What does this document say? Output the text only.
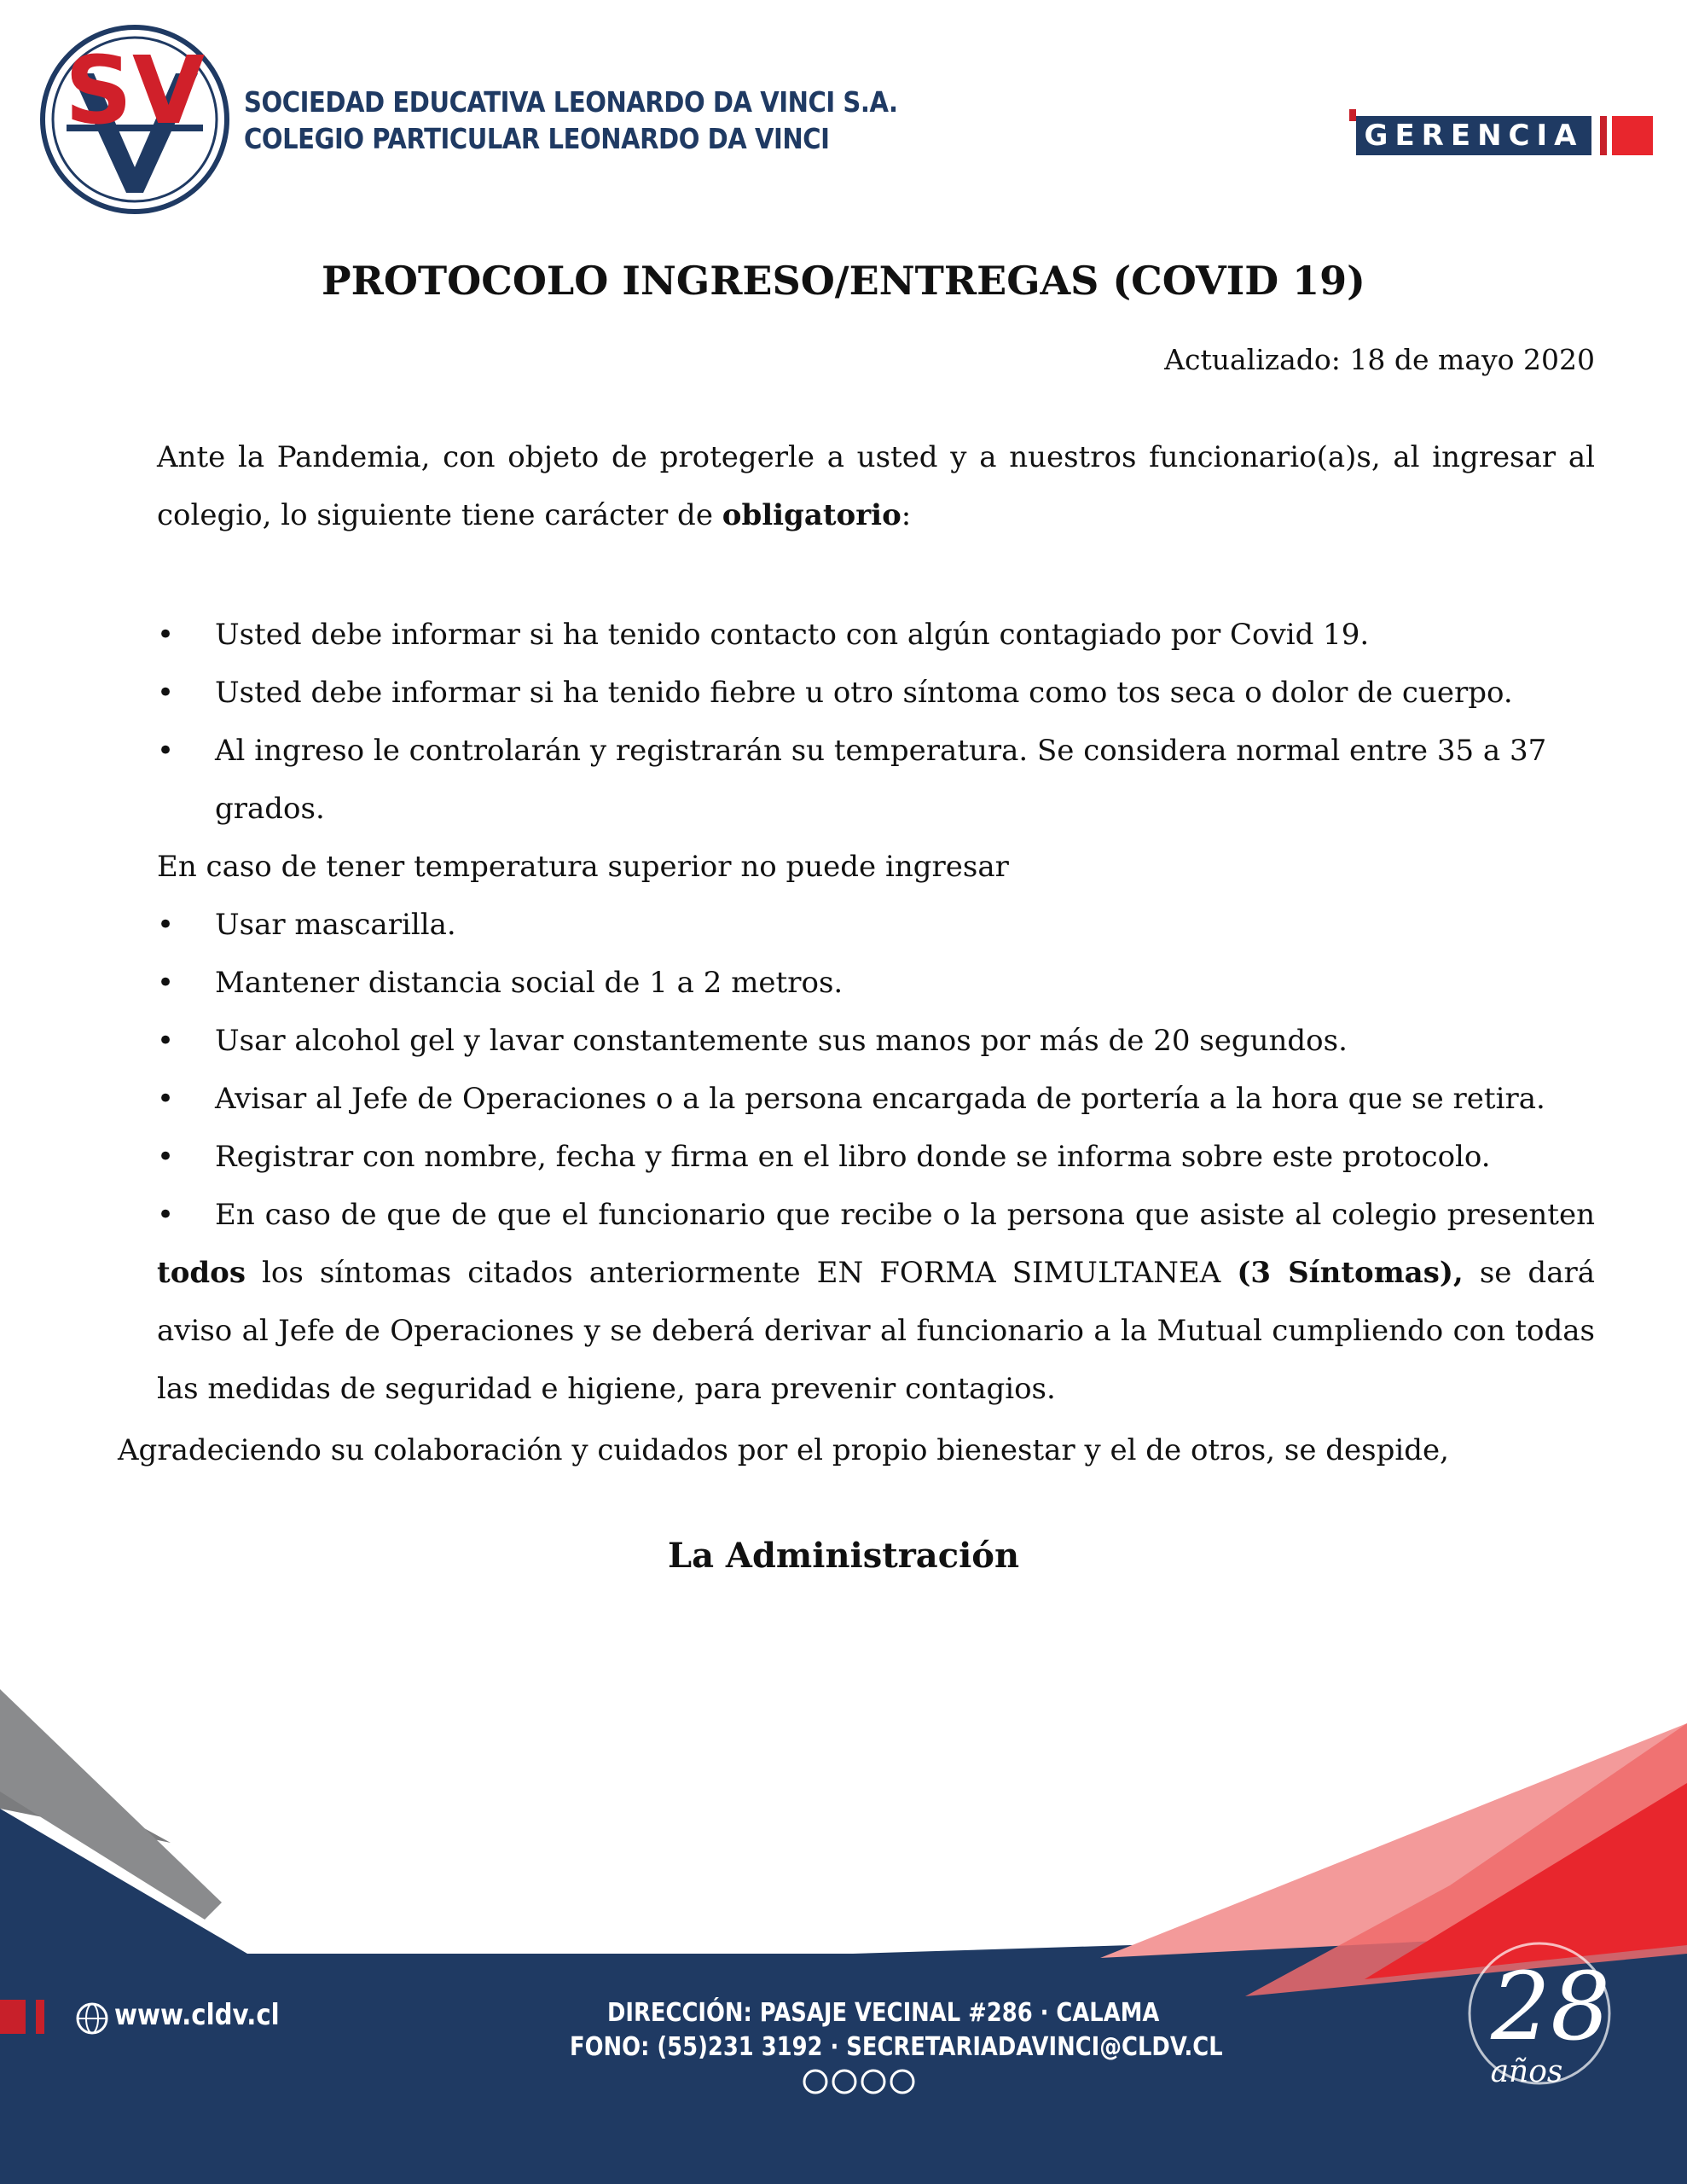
SV SOCIEDAD EDUCATIVA LEONARDO DA VINCI S.A.
COLEGIO PARTICULAR LEONARDO DA VINCI	GERENCIA
PROTOCOLO INGRESO/ENTREGAS (COVID 19)
Actualizado: 18 de mayo 2020
Ante la Pandemia, con objeto de protegerle a usted y a nuestros funcionario(a)s, al ingresar al colegio, lo siguiente tiene carácter de obligatorio:

• Usted debe informar si ha tenido contacto con algún contagiado por Covid 19.

• Usted debe informar si ha tenido fiebre u otro síntoma como tos seca o dolor de cuerpo.

• Al ingreso le controlarán y registrarán su temperatura. Se considera normal entre 35 a 37 grados.

En caso de tener temperatura superior no puede ingresar

• Usar mascarilla.

• Mantener distancia social de 1 a 2 metros.

• Usar alcohol gel y lavar constantemente sus manos por más de 20 segundos.

• Avisar al Jefe de Operaciones o a la persona encargada de portería a la hora que se retira.

• Registrar con nombre, fecha y firma en el libro donde se informa sobre este protocolo.

• En caso de que de que el funcionario que recibe o la persona que asiste al colegio presenten todos los síntomas citados anteriormente EN FORMA SIMULTANEA (3 Síntomas), se dará aviso al Jefe de Operaciones y se deberá derivar al funcionario a la Mutual cumpliendo con todas las medidas de seguridad e higiene, para prevenir contagios.

Agradeciendo su colaboración y cuidados por el propio bienestar y el de otros, se despide,
La Administración
www.cldv.cl	DIRECCIÓN: PASAJE VECINAL #286 · CALAMA
FONO: (55)231 3192 · SECRETARIADAVINCI@CLDV.CL	28
años
